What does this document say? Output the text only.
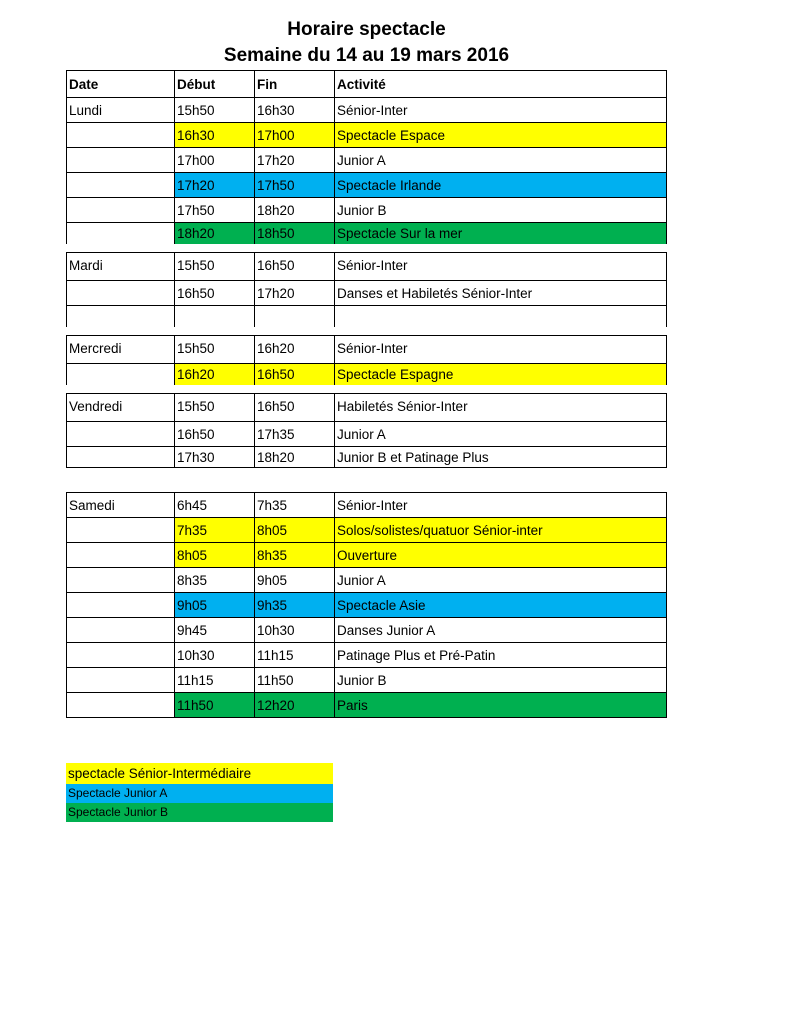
Horaire spectacle
Semaine du 14 au 19 mars 2016
Date	Début	Fin	Activité
Lundi	15h50	16h30	Sénior-Inter
	16h30	17h00	Spectacle Espace
	17h00	17h20	Junior A
	17h20	17h50	Spectacle Irlande
	17h50	18h20	Junior B
	18h20	18h50	Spectacle Sur la mer
Mardi	15h50	16h50	Sénior-Inter
	16h50	17h20	Danses et Habiletés Sénior-Inter

Mercredi	15h50	16h20	Sénior-Inter
	16h20	16h50	Spectacle Espagne
Vendredi	15h50	16h50	Habiletés Sénior-Inter
	16h50	17h35	Junior A
	17h30	18h20	Junior B et Patinage Plus
Samedi	6h45	7h35	Sénior-Inter
	7h35	8h05	Solos/solistes/quatuor Sénior-inter
	8h05	8h35	Ouverture
	8h35	9h05	Junior A
	9h05	9h35	Spectacle Asie
	9h45	10h30	Danses Junior A
	10h30	11h15	Patinage Plus et Pré-Patin
	11h15	11h50	Junior B
	11h50	12h20	Paris
spectacle Sénior-Intermédiaire
Spectacle Junior A
Spectacle Junior B
